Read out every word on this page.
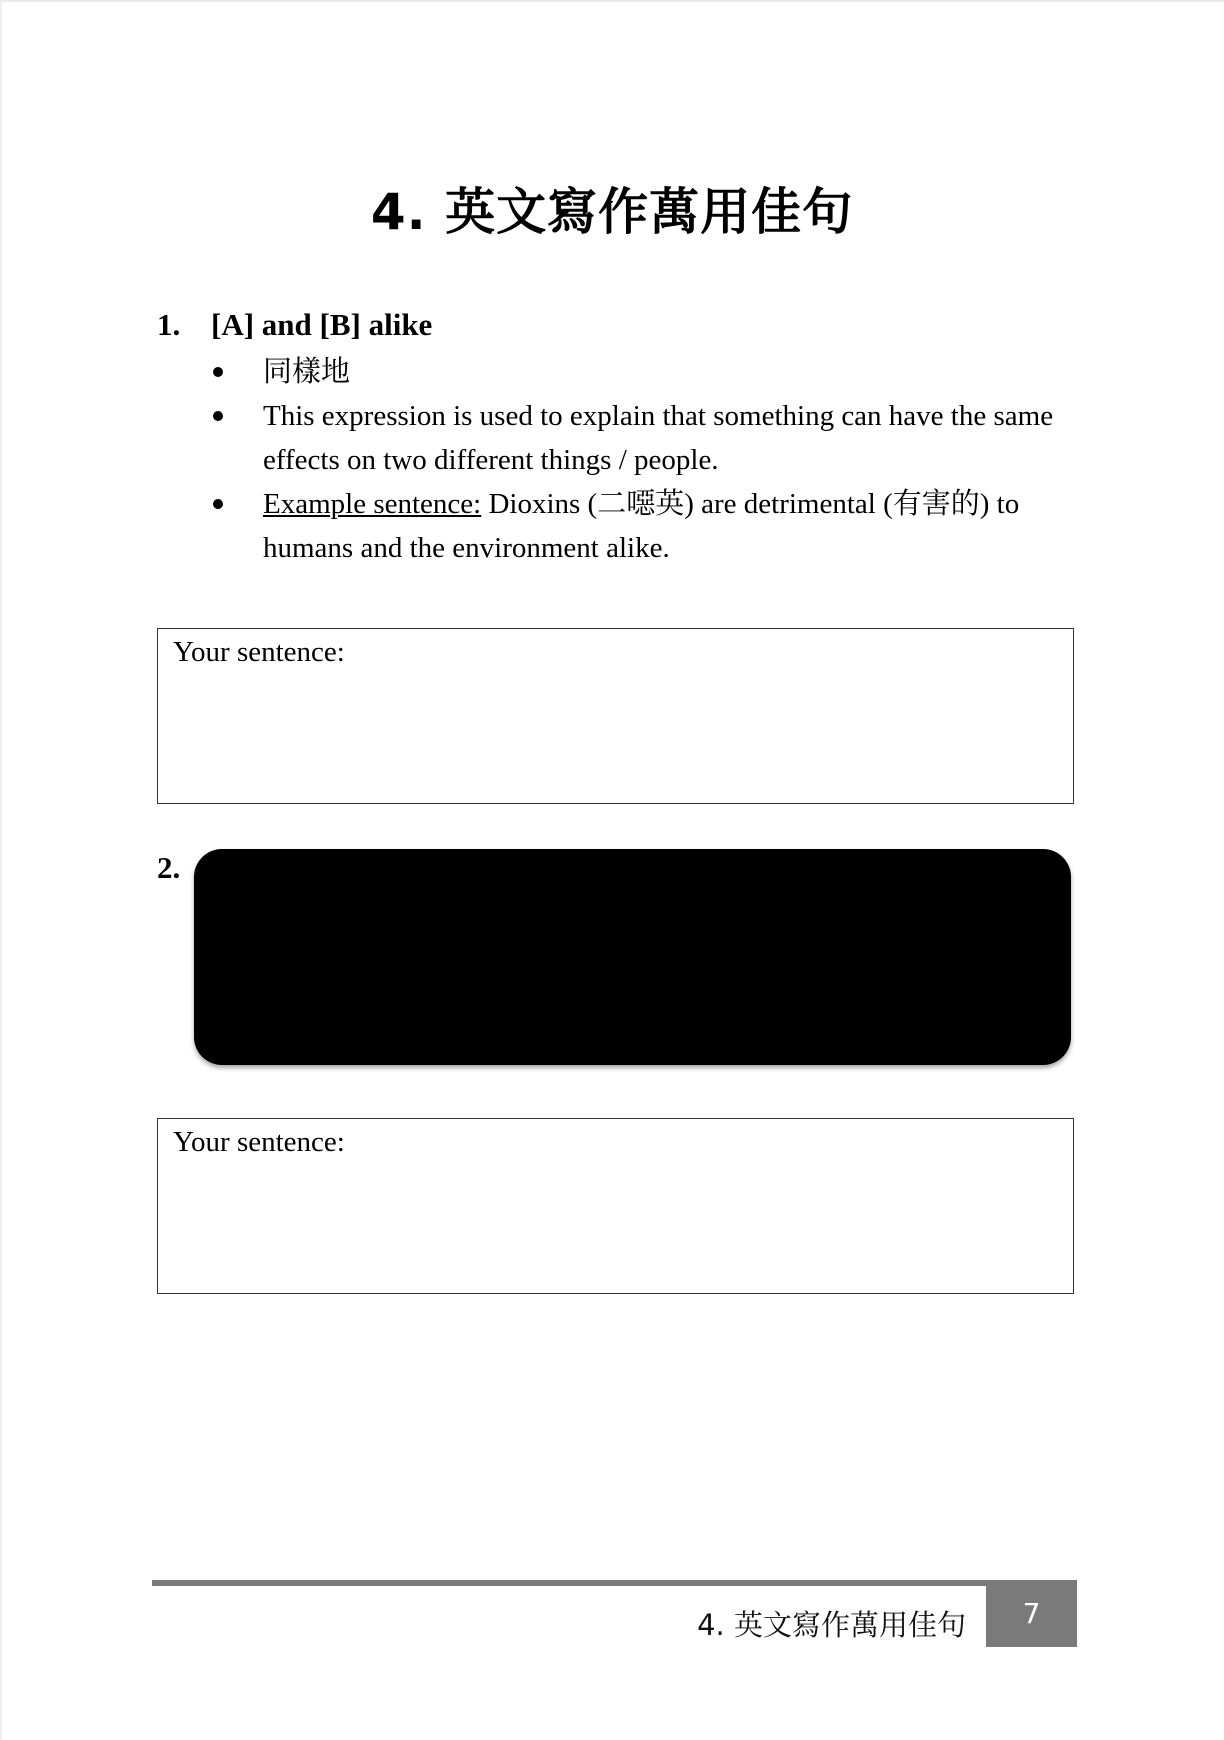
4. 英文寫作萬用佳句
1. [A] and [B] alike
同樣地
This expression is used to explain that something can have the same effects on two different things / people.
Example sentence: Dioxins (二噁英) are detrimental (有害的) to humans and the environment alike.
Your sentence:
2.
Your sentence:
4. 英文寫作萬用佳句	7
